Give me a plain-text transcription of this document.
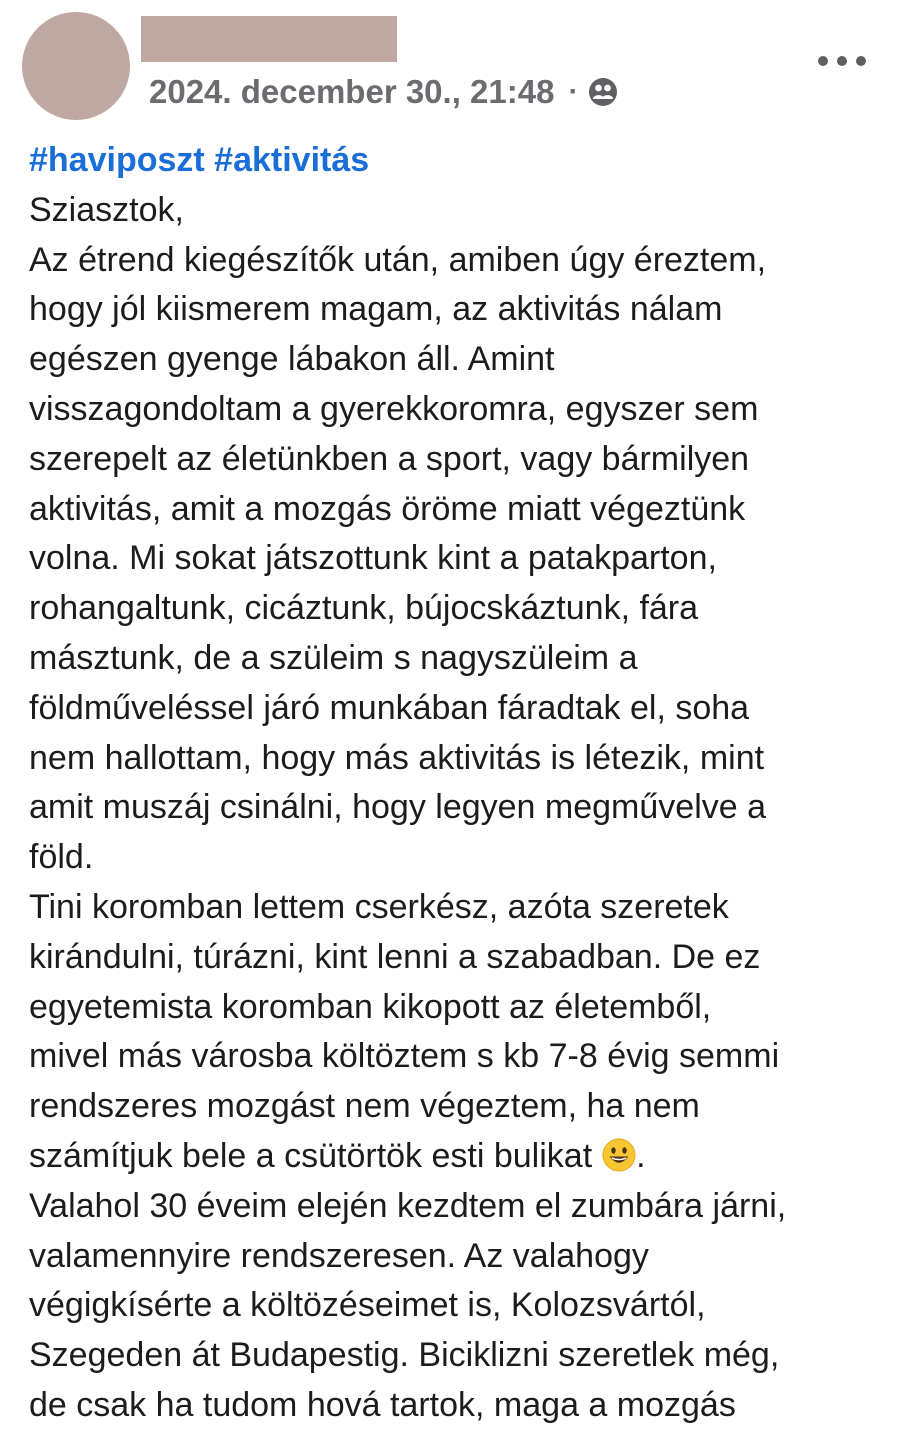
2024. december 30., 21:48 ·
#haviposzt #aktivitás
Sziasztok,
Az étrend kiegészítők után, amiben úgy éreztem,
hogy jól kiismerem magam, az aktivitás nálam
egészen gyenge lábakon áll. Amint
visszagondoltam a gyerekkoromra, egyszer sem
szerepelt az életünkben a sport, vagy bármilyen
aktivitás, amit a mozgás öröme miatt végeztünk
volna. Mi sokat játszottunk kint a patakparton,
rohangaltunk, cicáztunk, bújocskáztunk, fára
másztunk, de a szüleim s nagyszüleim a
földműveléssel járó munkában fáradtak el, soha
nem hallottam, hogy más aktivitás is létezik, mint
amit muszáj csinálni, hogy legyen megművelve a
föld.
Tini koromban lettem cserkész, azóta szeretek
kirándulni, túrázni, kint lenni a szabadban. De ez
egyetemista koromban kikopott az életemből,
mivel más városba költöztem s kb 7-8 évig semmi
rendszeres mozgást nem végeztem, ha nem
számítjuk bele a csütörtök esti bulikat .
Valahol 30 éveim elején kezdtem el zumbára járni,
valamennyire rendszeresen. Az valahogy
végigkísérte a költözéseimet is, Kolozsvártól,
Szegeden át Budapestig. Biciklizni szeretlek még,
de csak ha tudom hová tartok, maga a mozgás
